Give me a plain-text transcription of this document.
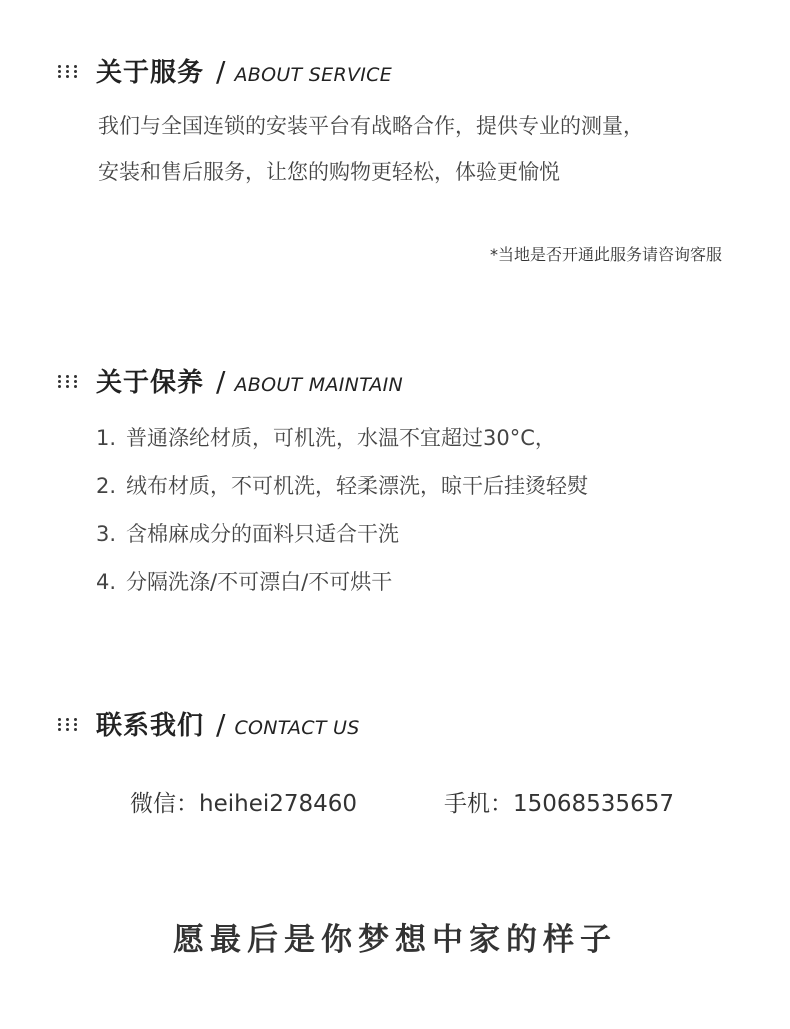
关于服务 / ABOUT SERVICE
我们与全国连锁的安装平台有战略合作，提供专业的测量，
安装和售后服务，让您的购物更轻松，体验更愉悦
*当地是否开通此服务请咨询客服
关于保养 / ABOUT MAINTAIN
1. 普通涤纶材质，可机洗，水温不宜超过30°C，
2. 绒布材质，不可机洗，轻柔漂洗，晾干后挂烫轻熨
3. 含棉麻成分的面料只适合干洗
4. 分隔洗涤/不可漂白/不可烘干
联系我们 / CONTACT US
微信：heihei278460	手机：15068535657
愿最后是你梦想中家的样子
